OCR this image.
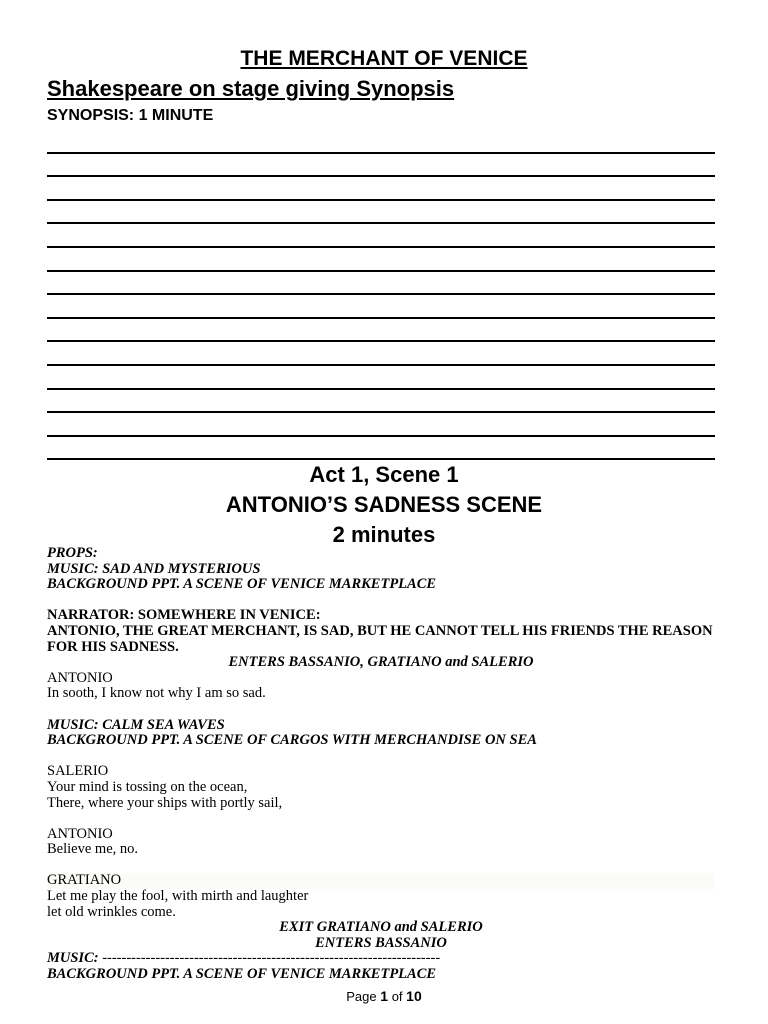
THE MERCHANT OF VENICE
Shakespeare on stage giving Synopsis
SYNOPSIS: 1 MINUTE
Act 1, Scene 1
ANTONIO’S SADNESS SCENE
2 minutes

PROPS:

MUSIC: SAD AND MYSTERIOUS

BACKGROUND PPT. A SCENE OF VENICE MARKETPLACE

NARRATOR: SOMEWHERE IN VENICE:

ANTONIO, THE GREAT MERCHANT, IS SAD, BUT HE CANNOT TELL HIS FRIENDS THE REASON FOR HIS SADNESS.

ENTERS BASSANIO, GRATIANO and SALERIO

ANTONIO

In sooth, I know not why I am so sad.

MUSIC: CALM SEA WAVES

BACKGROUND PPT. A SCENE OF CARGOS WITH MERCHANDISE ON SEA

SALERIO

Your mind is tossing on the ocean,

There, where your ships with portly sail,

ANTONIO

Believe me, no.

GRATIANO

Let me play the fool, with mirth and laughter

let old wrinkles come.

EXIT GRATIANO and SALERIO

ENTERS BASSANIO

MUSIC: ----------------------------------------------------------------------

BACKGROUND PPT. A SCENE OF VENICE MARKETPLACE

Page 1 of 10
